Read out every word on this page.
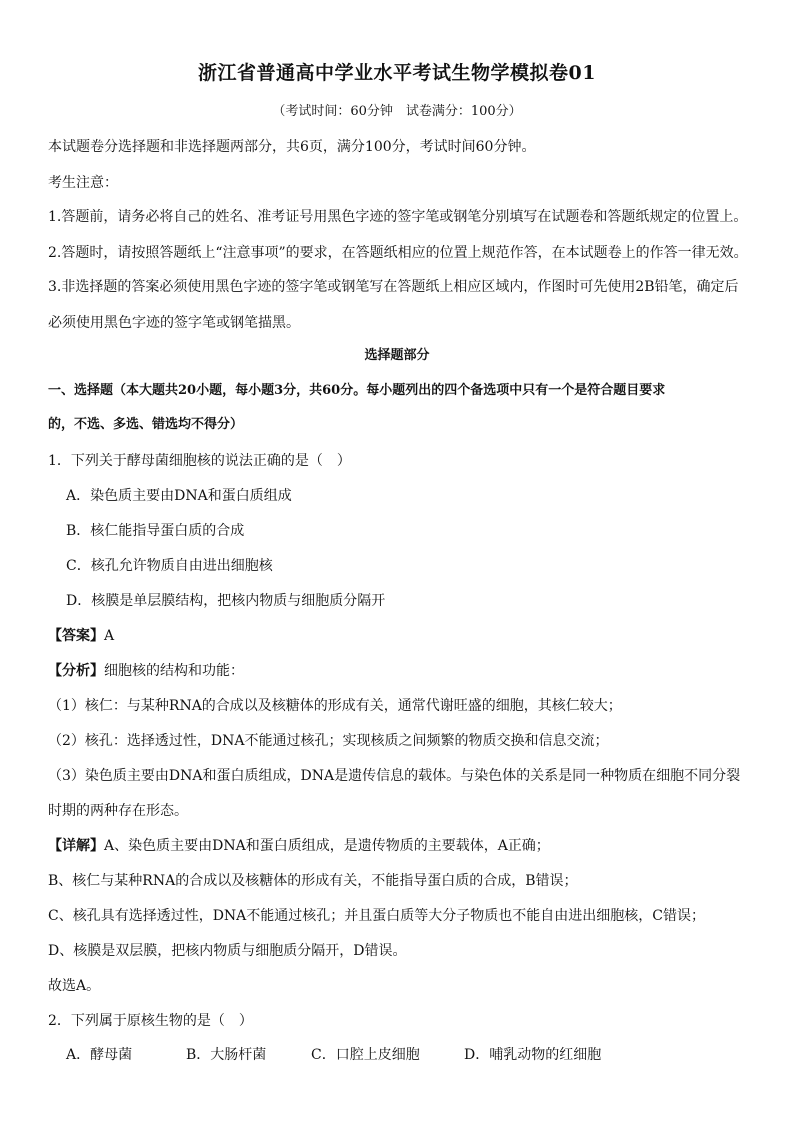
浙江省普通高中学业水平考试生物学模拟卷01
（考试时间：60分钟　试卷满分：100分）
本试题卷分选择题和非选择题两部分，共6页，满分100分，考试时间60分钟。
考生注意：
1.答题前，请务必将自己的姓名、准考证号用黑色字迹的签字笔或钢笔分别填写在试题卷和答题纸规定的位置上。
2.答题时，请按照答题纸上“注意事项”的要求，在答题纸相应的位置上规范作答，在本试题卷上的作答一律无效。
3.非选择题的答案必须使用黑色字迹的签字笔或钢笔写在答题纸上相应区域内，作图时可先使用2B铅笔，确定后
必须使用黑色字迹的签字笔或钢笔描黑。
选择题部分
一、选择题（本大题共20小题，每小题3分，共60分。每小题列出的四个备选项中只有一个是符合题目要求
的，不选、多选、错选均不得分）
1．下列关于酵母菌细胞核的说法正确的是（　）
A．染色质主要由DNA和蛋白质组成
B．核仁能指导蛋白质的合成
C．核孔允许物质自由进出细胞核
D．核膜是单层膜结构，把核内物质与细胞质分隔开
【答案】A
【分析】细胞核的结构和功能：
（1）核仁：与某种RNA的合成以及核糖体的形成有关，通常代谢旺盛的细胞，其核仁较大；
（2）核孔：选择透过性，DNA不能通过核孔；实现核质之间频繁的物质交换和信息交流；
（3）染色质主要由DNA和蛋白质组成，DNA是遗传信息的载体。与染色体的关系是同一种物质在细胞不同分裂
时期的两种存在形态。
【详解】A、染色质主要由DNA和蛋白质组成，是遗传物质的主要载体，A正确；
B、核仁与某种RNA的合成以及核糖体的形成有关，不能指导蛋白质的合成，B错误；
C、核孔具有选择透过性，DNA不能通过核孔；并且蛋白质等大分子物质也不能自由进出细胞核，C错误；
D、核膜是双层膜，把核内物质与细胞质分隔开，D错误。
故选A。
2．下列属于原核生物的是（　）
A．酵母菌	B．大肠杆菌	C．口腔上皮细胞	D．哺乳动物的红细胞
